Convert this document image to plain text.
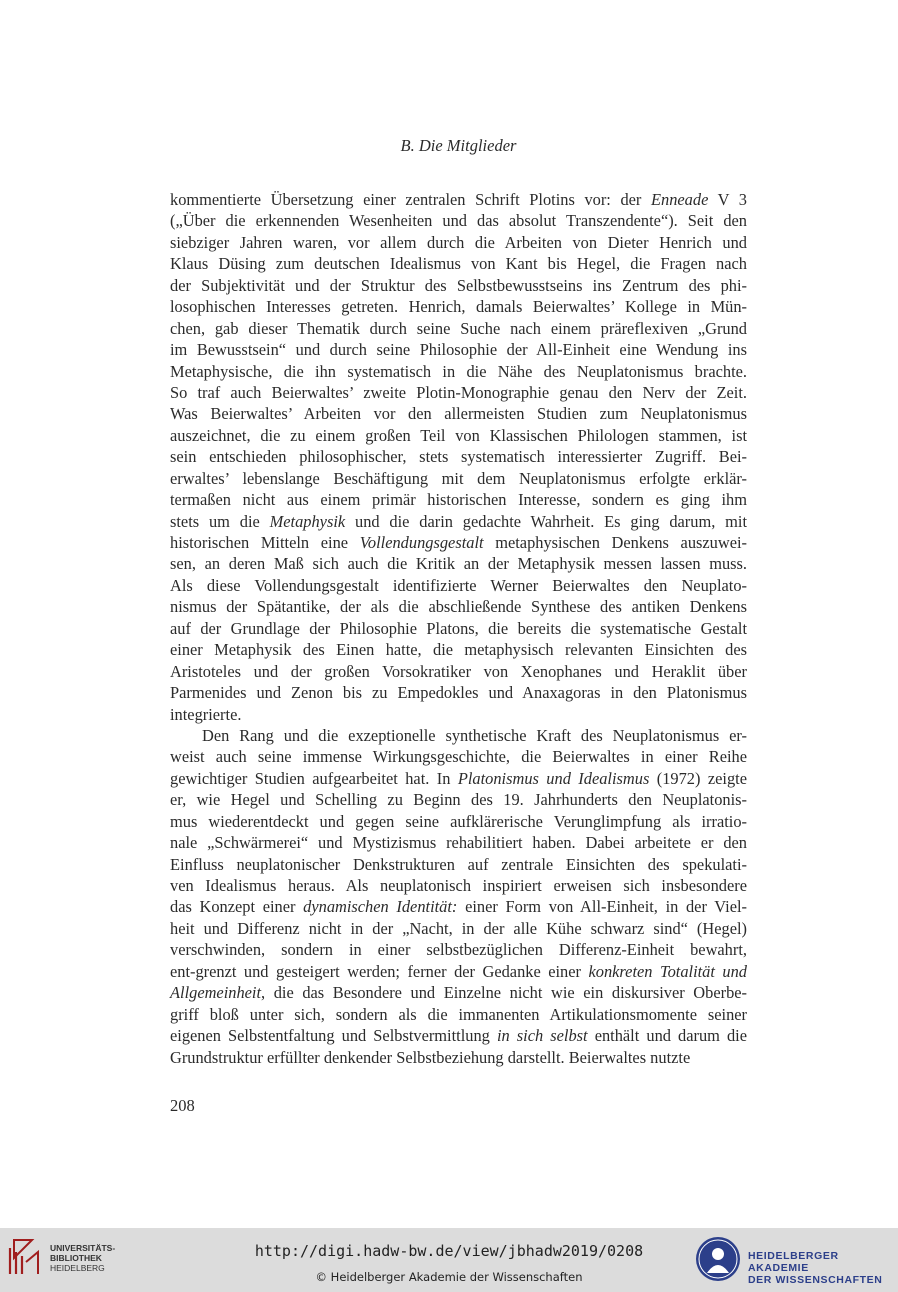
B. Die Mitglieder

kommentierte Übersetzung einer zentralen Schrift Plotins vor: der Enneade V 3
(„Über die erkennenden Wesenheiten und das absolut Transzendente“). Seit den
siebziger Jahren waren, vor allem durch die Arbeiten von Dieter Henrich und
Klaus Düsing zum deutschen Idealismus von Kant bis Hegel, die Fragen nach
der Subjektivität und der Struktur des Selbstbewusstseins ins Zentrum des phi-
losophischen Interesses getreten. Henrich, damals Beierwaltes’ Kollege in Mün-
chen, gab dieser Thematik durch seine Suche nach einem präreflexiven „Grund
im Bewusstsein“ und durch seine Philosophie der All-Einheit eine Wendung ins
Metaphysische, die ihn systematisch in die Nähe des Neuplatonismus brachte.
So traf auch Beierwaltes’ zweite Plotin-Monographie genau den Nerv der Zeit.
Was Beierwaltes’ Arbeiten vor den allermeisten Studien zum Neuplatonismus
auszeichnet, die zu einem großen Teil von Klassischen Philologen stammen, ist
sein entschieden philosophischer, stets systematisch interessierter Zugriff. Bei-
erwaltes’ lebenslange Beschäftigung mit dem Neuplatonismus erfolgte erklär-
termaßen nicht aus einem primär historischen Interesse, sondern es ging ihm
stets um die Metaphysik und die darin gedachte Wahrheit. Es ging darum, mit
historischen Mitteln eine Vollendungsgestalt metaphysischen Denkens auszuwei-
sen, an deren Maß sich auch die Kritik an der Metaphysik messen lassen muss.
Als diese Vollendungsgestalt identifizierte Werner Beierwaltes den Neuplato-
nismus der Spätantike, der als die abschließende Synthese des antiken Denkens
auf der Grundlage der Philosophie Platons, die bereits die systematische Gestalt
einer Metaphysik des Einen hatte, die metaphysisch relevanten Einsichten des
Aristoteles und der großen Vorsokratiker von Xenophanes und Heraklit über
Parmenides und Zenon bis zu Empedokles und Anaxagoras in den Platonismus
integrierte.

Den Rang und die exzeptionelle synthetische Kraft des Neuplatonismus er-
weist auch seine immense Wirkungsgeschichte, die Beierwaltes in einer Reihe
gewichtiger Studien aufgearbeitet hat. In Platonismus und Idealismus (1972) zeigte
er, wie Hegel und Schelling zu Beginn des 19. Jahrhunderts den Neuplatonis-
mus wiederentdeckt und gegen seine aufklärerische Verunglimpfung als irratio-
nale „Schwärmerei“ und Mystizismus rehabilitiert haben. Dabei arbeitete er den
Einfluss neuplatonischer Denkstrukturen auf zentrale Einsichten des spekulati-
ven Idealismus heraus. Als neuplatonisch inspiriert erweisen sich insbesondere
das Konzept einer dynamischen Identität: einer Form von All-Einheit, in der Viel-
heit und Differenz nicht in der „Nacht, in der alle Kühe schwarz sind“ (Hegel)
verschwinden, sondern in einer selbstbezüglichen Differenz-Einheit bewahrt,
ent-grenzt und gesteigert werden; ferner der Gedanke einer konkreten Totalität und
Allgemeinheit, die das Besondere und Einzelne nicht wie ein diskursiver Oberbe-
griff bloß unter sich, sondern als die immanenten Artikulationsmomente seiner
eigenen Selbstentfaltung und Selbstvermittlung in sich selbst enthält und darum die
Grundstruktur erfüllter denkender Selbstbeziehung darstellt. Beierwaltes nutzte

208
UNIVERSITÄTS-
BIBLIOTHEK
HEIDELBERG
http://digi.hadw-bw.de/view/jbhadw2019/0208
© Heidelberger Akademie der Wissenschaften
HEIDELBERGER AKADEMIE
DER WISSENSCHAFTEN
